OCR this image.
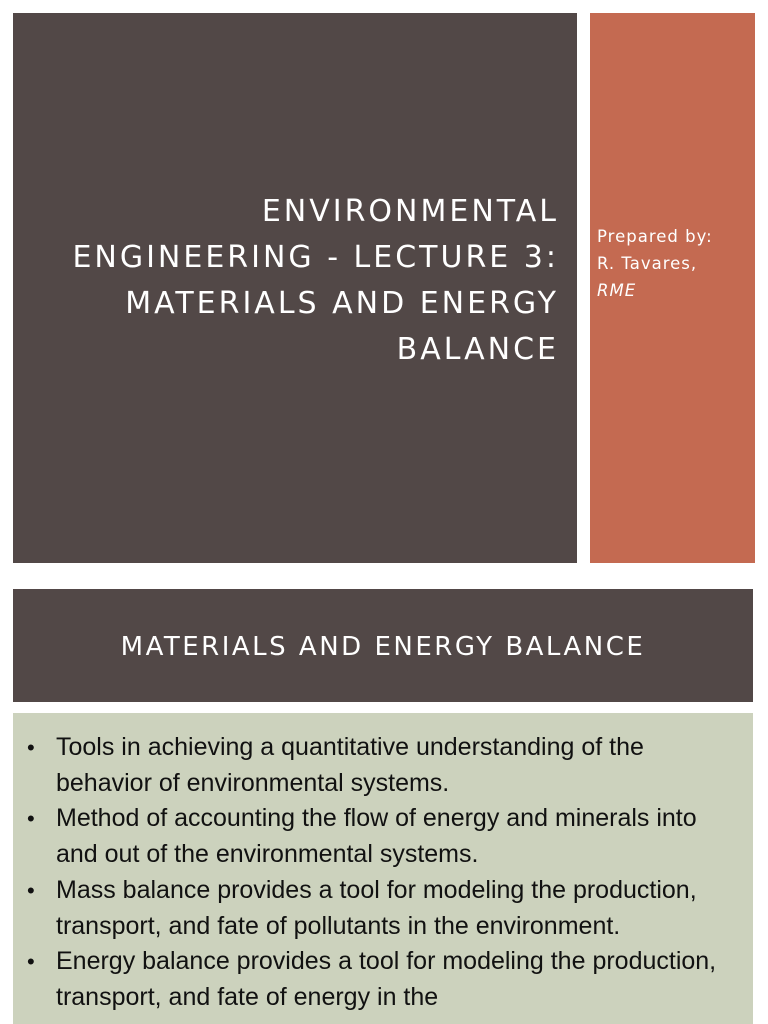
ENVIRONMENTAL
ENGINEERING - LECTURE 3:
MATERIALS AND ENERGY
BALANCE
Prepared by:
R. Tavares,
RME
MATERIALS AND ENERGY BALANCE
• Tools in achieving a quantitative understanding of the behavior of environmental systems.
• Method of accounting the flow of energy and minerals into and out of the environmental systems.
• Mass balance provides a tool for modeling the production, transport, and fate of pollutants in the environment.
• Energy balance provides a tool for modeling the production, transport, and fate of energy in the
